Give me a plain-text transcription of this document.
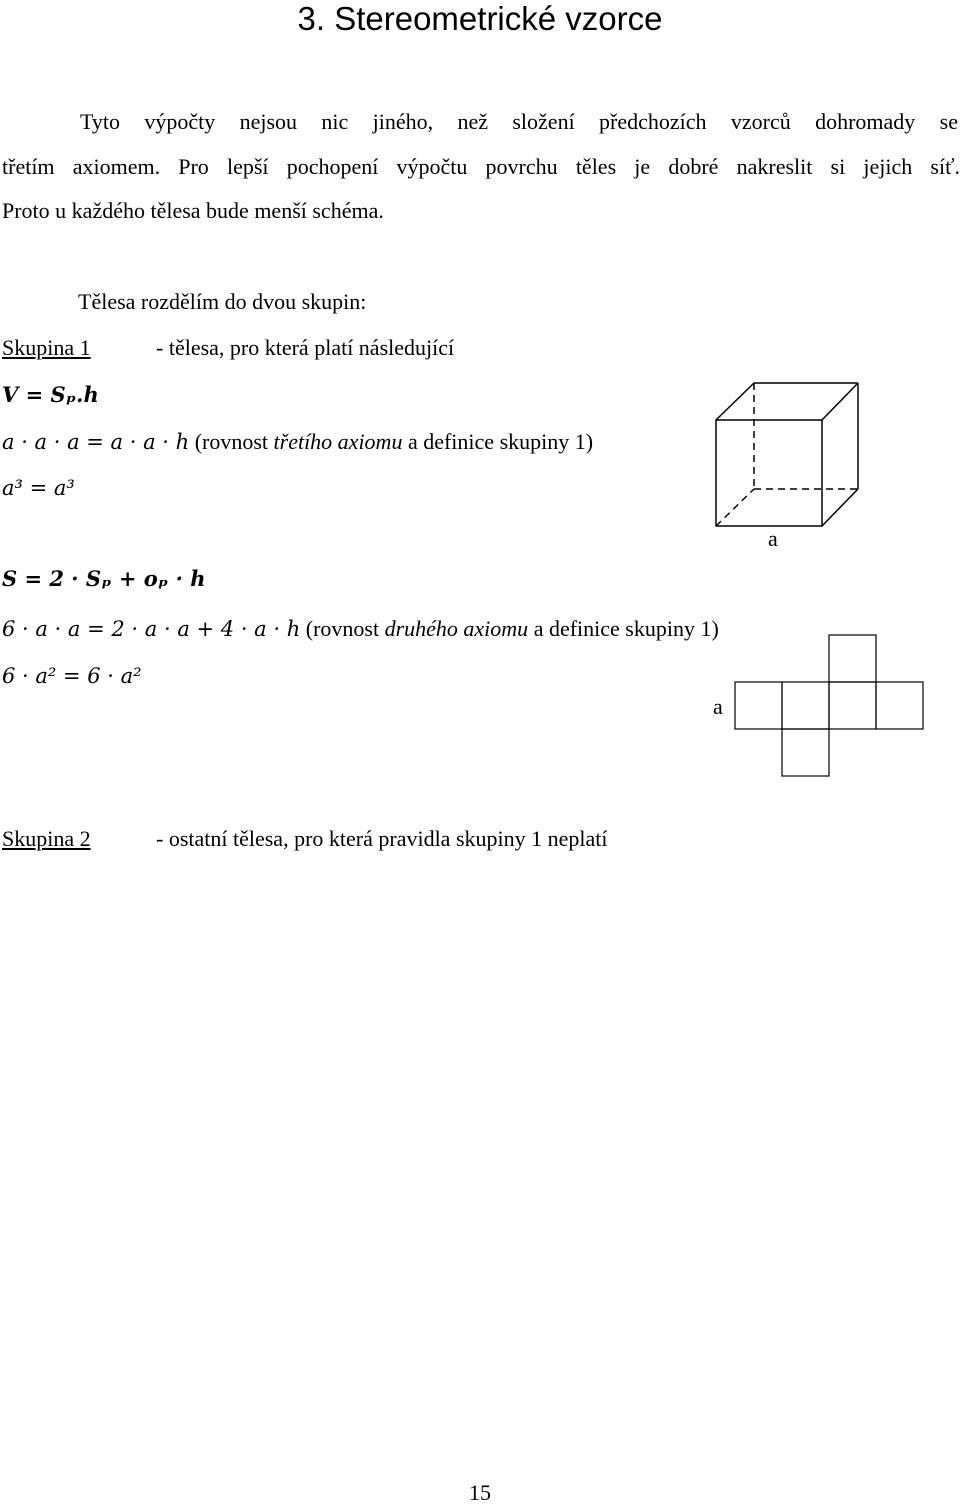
3. Stereometrické vzorce
Tyto výpočty nejsou nic jiného, než složení předchozích vzorců dohromady se
třetím axiomem. Pro lepší pochopení výpočtu povrchu těles je dobré nakreslit si jejich síť.
Proto u každého tělesa bude menší schéma.
Tělesa rozdělím do dvou skupin:
Skupina 1	- tělesa, pro která platí následující
V = Sₚ.h
a · a · a = a · a · h (rovnost třetího axiomu a definice skupiny 1)
a³ = a³
S = 2 · Sₚ + oₚ · h
6 · a · a = 2 · a · a + 4 · a · h (rovnost druhého axiomu a definice skupiny 1)
6 · a² = 6 · a²
a
a
Skupina 2	- ostatní tělesa, pro která pravidla skupiny 1 neplatí
15
